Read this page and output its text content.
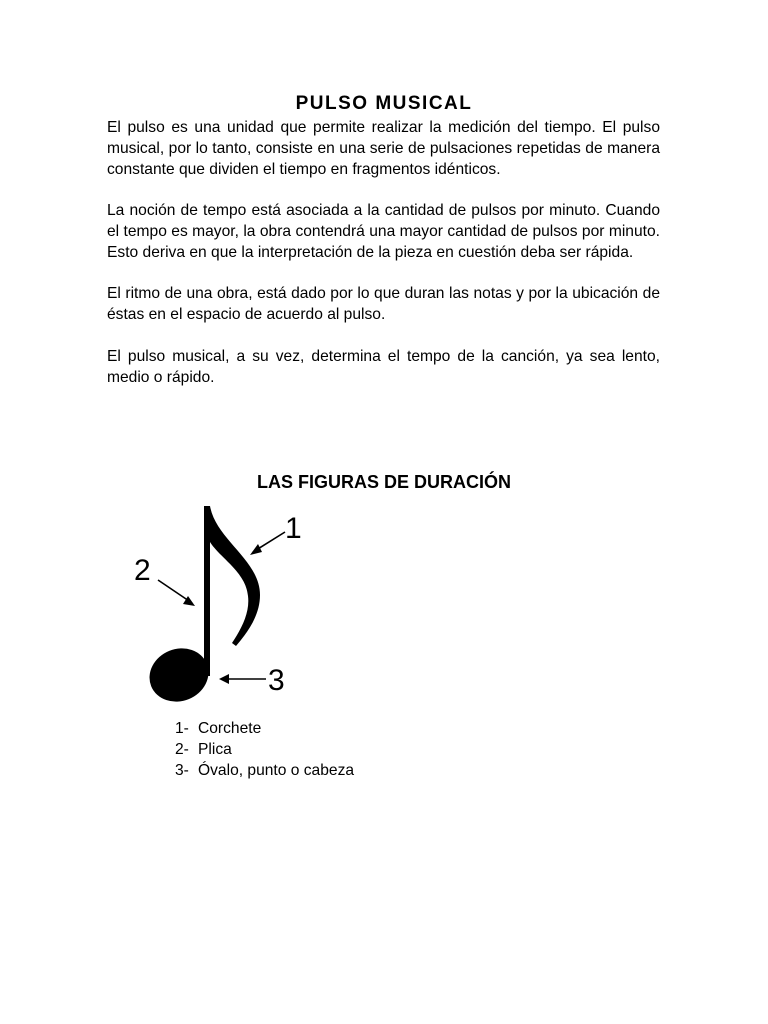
PULSO MUSICAL

El pulso es una unidad que permite realizar la medición del tiempo. El pulso musical, por lo tanto, consiste en una serie de pulsaciones repetidas de manera constante que dividen el tiempo en fragmentos idénticos.

La noción de tempo está asociada a la cantidad de pulsos por minuto. Cuando el tempo es mayor, la obra contendrá una mayor cantidad de pulsos por minuto. Esto deriva en que la interpretación de la pieza en cuestión deba ser rápida.

El ritmo de una obra, está dado por lo que duran las notas y por la ubicación de éstas en el espacio de acuerdo al pulso.

El pulso musical, a su vez, determina el tempo de la canción, ya sea lento, medio o rápido.

LAS FIGURAS DE DURACIÓN
1
2
3
1- Corchete
2- Plica
3- Óvalo, punto o cabeza
